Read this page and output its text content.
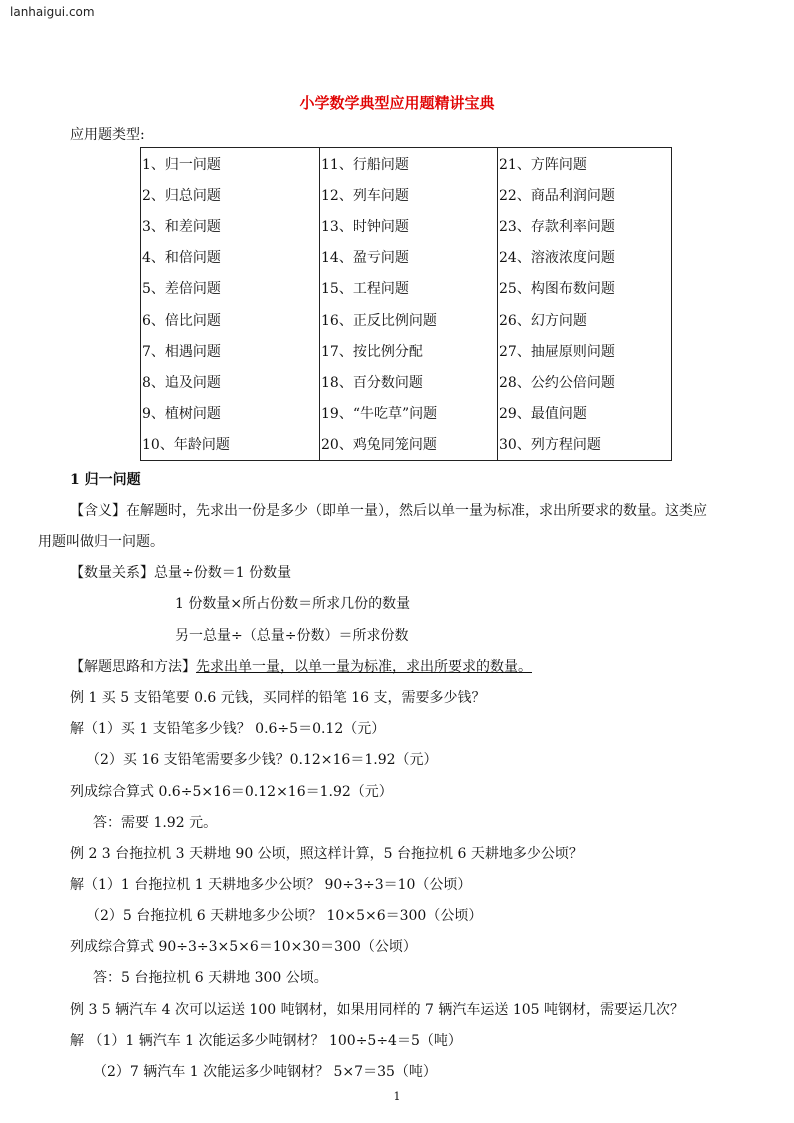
lanhaigui.com
小学数学典型应用题精讲宝典
应用题类型:
1、归一问题	11、行船问题	21、方阵问题
2、归总问题	12、列车问题	22、商品利润问题
3、和差问题	13、时钟问题	23、存款利率问题
4、和倍问题	14、盈亏问题	24、溶液浓度问题
5、差倍问题	15、工程问题	25、构图布数问题
6、倍比问题	16、正反比例问题	26、幻方问题
7、相遇问题	17、按比例分配	27、抽屉原则问题
8、追及问题	18、百分数问题	28、公约公倍问题
9、植树问题	19、“牛吃草”问题	29、最值问题
10、年龄问题	20、鸡兔同笼问题	30、列方程问题
1 归一问题
【含义】在解题时，先求出一份是多少（即单一量），然后以单一量为标准，求出所要求的数量。这类应
用题叫做归一问题。
【数量关系】总量÷份数＝1 份数量
1 份数量×所占份数＝所求几份的数量
另一总量÷（总量÷份数）＝所求份数
【解题思路和方法】先求出单一量，以单一量为标准，求出所要求的数量。
例 1 买 5 支铅笔要 0.6 元钱，买同样的铅笔 16 支，需要多少钱？
解（1）买 1 支铅笔多少钱？ 0.6÷5＝0.12（元）
（2）买 16 支铅笔需要多少钱？0.12×16＝1.92（元）
列成综合算式 0.6÷5×16＝0.12×16＝1.92（元）
答：需要 1.92 元。
例 2 3 台拖拉机 3 天耕地 90 公顷，照这样计算，5 台拖拉机 6 天耕地多少公顷？
解（1）1 台拖拉机 1 天耕地多少公顷？ 90÷3÷3＝10（公顷）
（2）5 台拖拉机 6 天耕地多少公顷？ 10×5×6＝300（公顷）
列成综合算式 90÷3÷3×5×6＝10×30＝300（公顷）
答：5 台拖拉机 6 天耕地 300 公顷。
例 3 5 辆汽车 4 次可以运送 100 吨钢材，如果用同样的 7 辆汽车运送 105 吨钢材，需要运几次？
解 （1）1 辆汽车 1 次能运多少吨钢材？ 100÷5÷4＝5（吨）
（2）7 辆汽车 1 次能运多少吨钢材？ 5×7＝35（吨）
1
